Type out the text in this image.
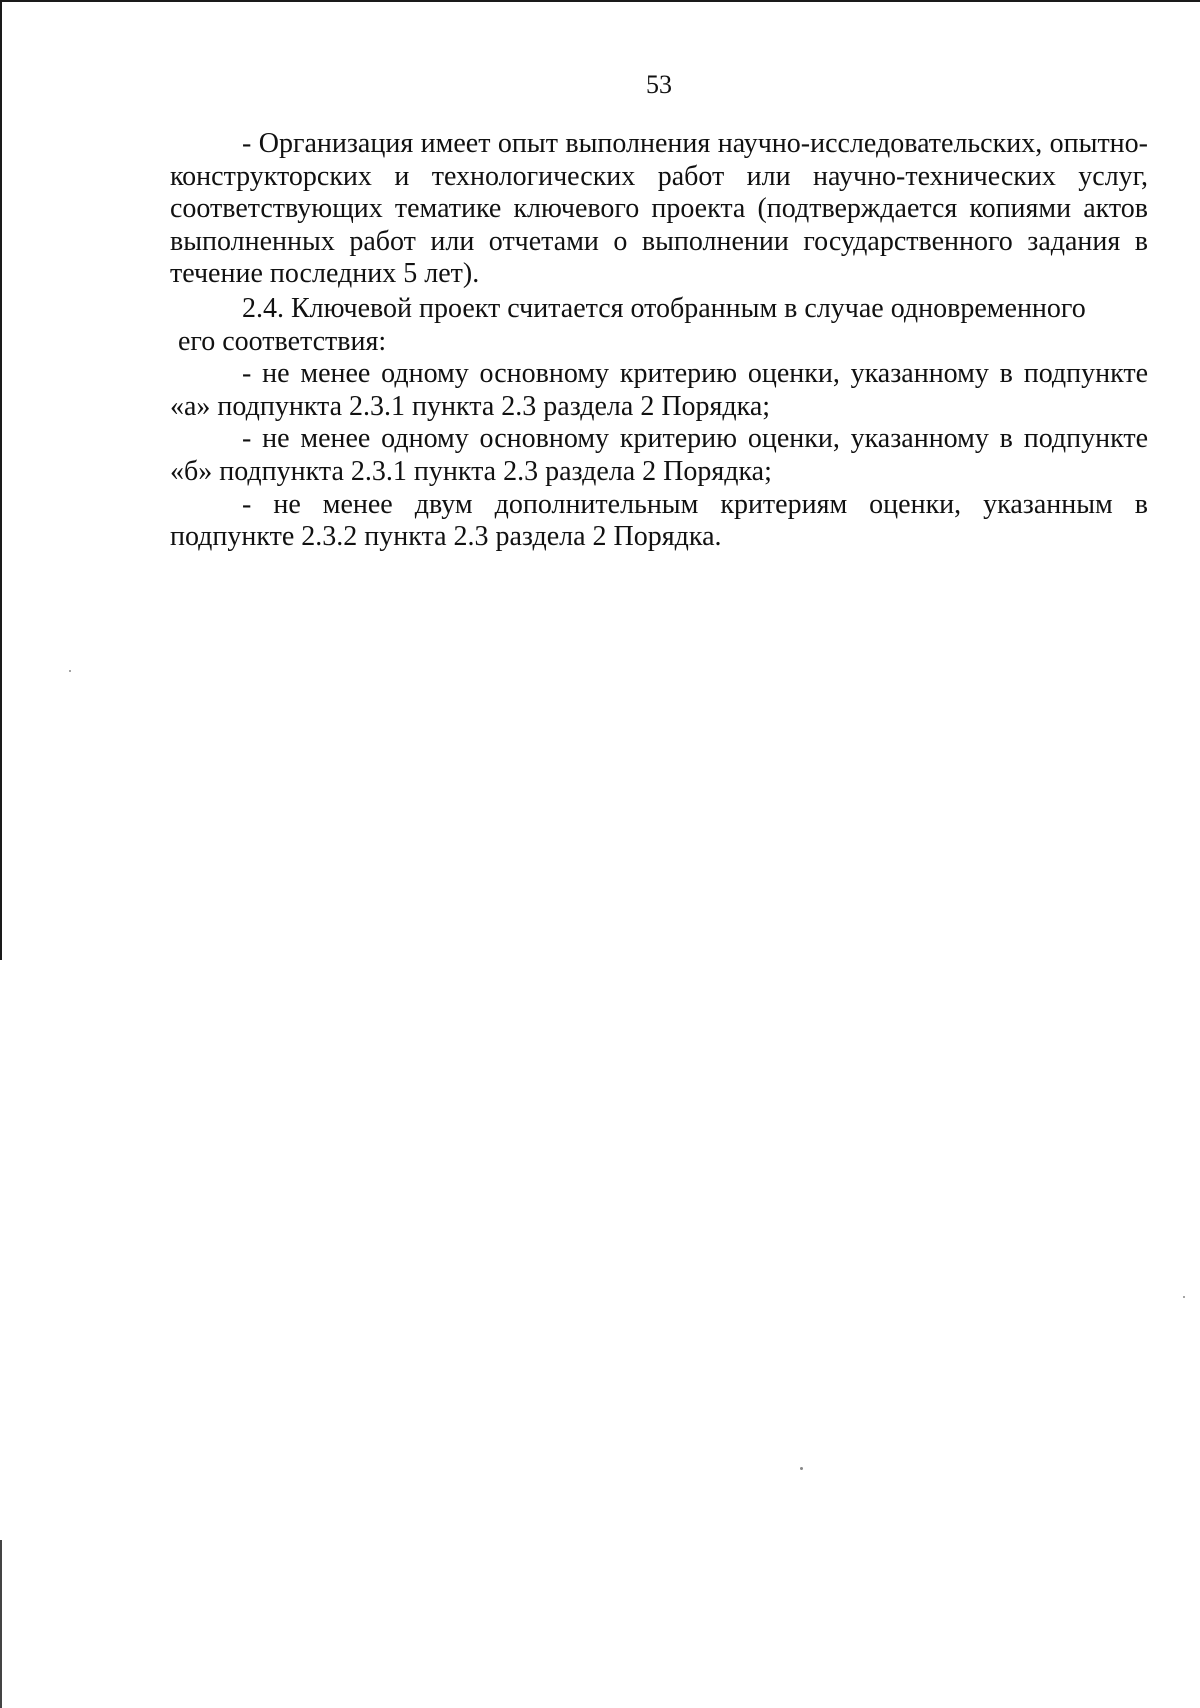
53

- Организация имеет опыт выполнения научно-исследовательских, опытно-конструкторских и технологических работ или научно-технических услуг, соответствующих тематике ключевого проекта (подтверждается копиями актов выполненных работ или отчетами о выполнении государственного задания в течение последних 5 лет).

2.4. Ключевой проект считается отобранным в случае одновременного
его соответствия:

- не менее одному основному критерию оценки, указанному в подпункте «а» подпункта 2.3.1 пункта 2.3 раздела 2 Порядка;

- не менее одному основному критерию оценки, указанному в подпункте «б» подпункта 2.3.1 пункта 2.3 раздела 2 Порядка;

- не менее двум дополнительным критериям оценки, указанным в подпункте 2.3.2 пункта 2.3 раздела 2 Порядка.
